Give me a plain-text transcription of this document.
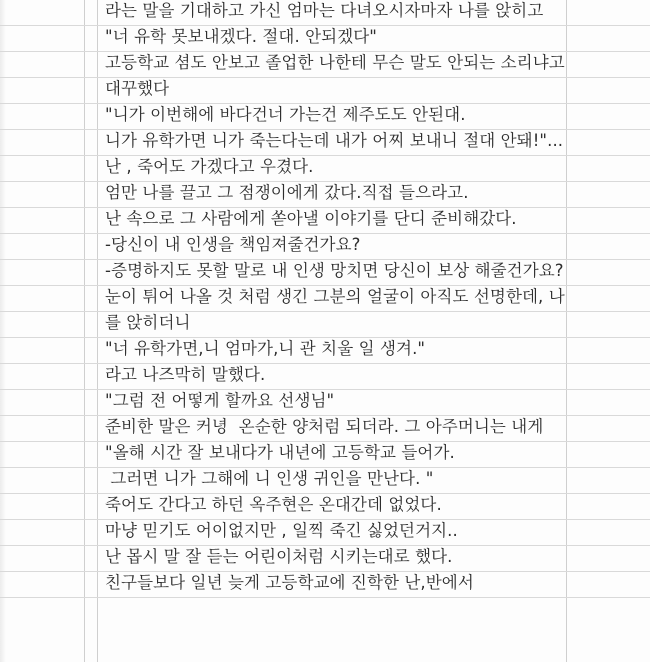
라는 말을 기대하고 가신 엄마는 다녀오시자마자 나를 앉히고
"너 유학 못보내겠다. 절대. 안되겠다"
고등학교 셤도 안보고 졸업한 나한테 무슨 말도 안되는 소리냐고
대꾸했다
"니가 이번해에 바다건너 가는건 제주도도 안된대.
니가 유학가면 니가 죽는다는데 내가 어찌 보내니 절대 안돼!"...
난 , 죽어도 가겠다고 우겼다.
엄만 나를 끌고 그 점쟁이에게 갔다.직접 들으라고.
난 속으로 그 사람에게 쏟아낼 이야기를 단디 준비해갔다.
-당신이 내 인생을 책임져줄건가요?
-증명하지도 못할 말로 내 인생 망치면 당신이 보상 해줄건가요?
눈이 튀어 나올 것 처럼 생긴 그분의 얼굴이 아직도 선명한데, 나
를 앉히더니
"너 유학가면,니 엄마가,니 관 치울 일 생겨."
라고 나즈막히 말했다.
"그럼 전 어떻게 할까요 선생님"
준비한 말은 커녕  온순한 양처럼 되더라. 그 아주머니는 내게
"올해 시간 잘 보내다가 내년에 고등학교 들어가.
그러면 니가 그해에 니 인생 귀인을 만난다. "
죽어도 간다고 하던 옥주현은 온대간데 없었다.
마냥 믿기도 어이없지만 , 일찍 죽긴 싫었던거지..
난 몹시 말 잘 듣는 어린이처럼 시키는대로 했다.
친구들보다 일년 늦게 고등학교에 진학한 난,반에서
